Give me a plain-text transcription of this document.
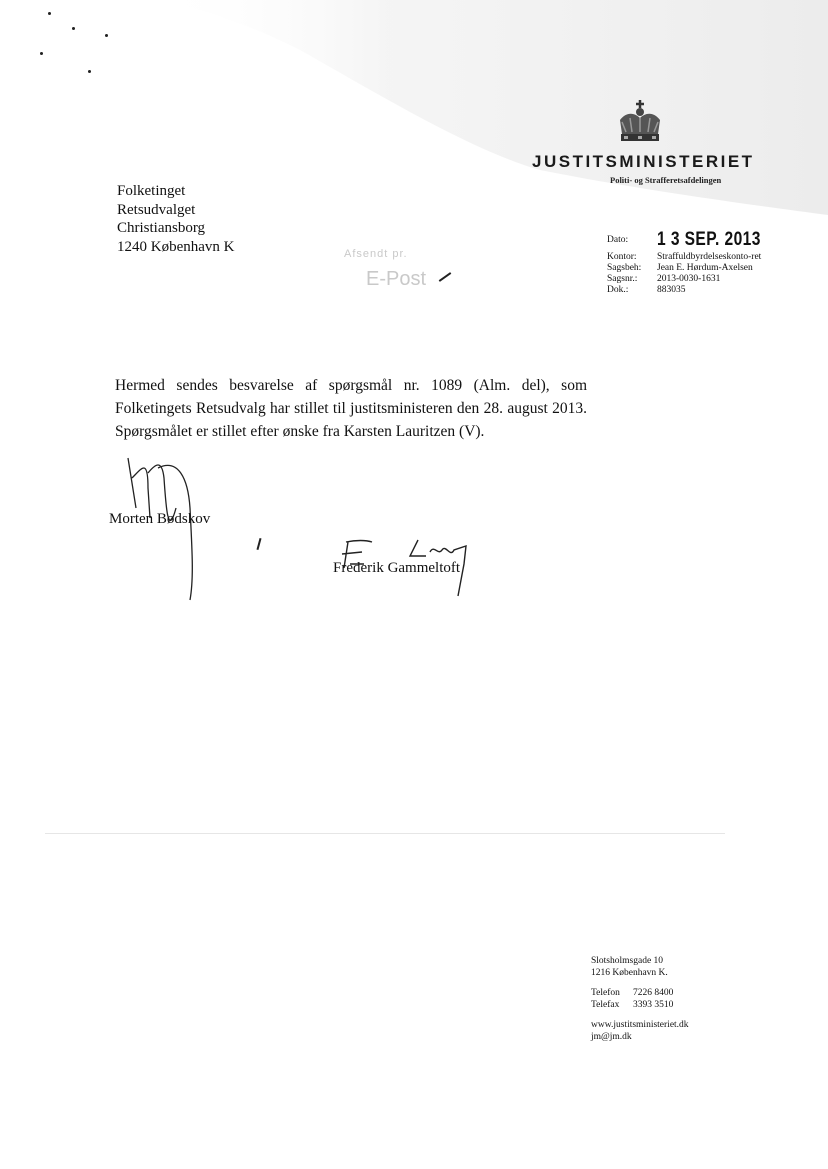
JUSTITSMINISTERIET
Politi- og Strafferetsafdelingen
Folketinget
Retsudvalget
Christiansborg
1240 København K	Afsendt pr.
E-Post
Dato:	1 3 SEP. 2013
Kontor:	Straffuldbyrdelseskonto-ret
Sagsbeh:	Jean E. Hørdum-Axelsen
Sagsnr.:	2013-0030-1631
Dok.:	883035
Hermed sendes besvarelse af spørgsmål nr. 1089 (Alm. del), som Folketingets Retsudvalg har stillet til justitsministeren den 28. august 2013. Spørgsmålet er stillet efter ønske fra Karsten Lauritzen (V).
Morten Bødskov
Frederik Gammeltoft
Slotsholmsgade 10
1216 København K.
Telefon	7226 8400
Telefax	3393 3510
www.justitsministeriet.dk
jm@jm.dk
